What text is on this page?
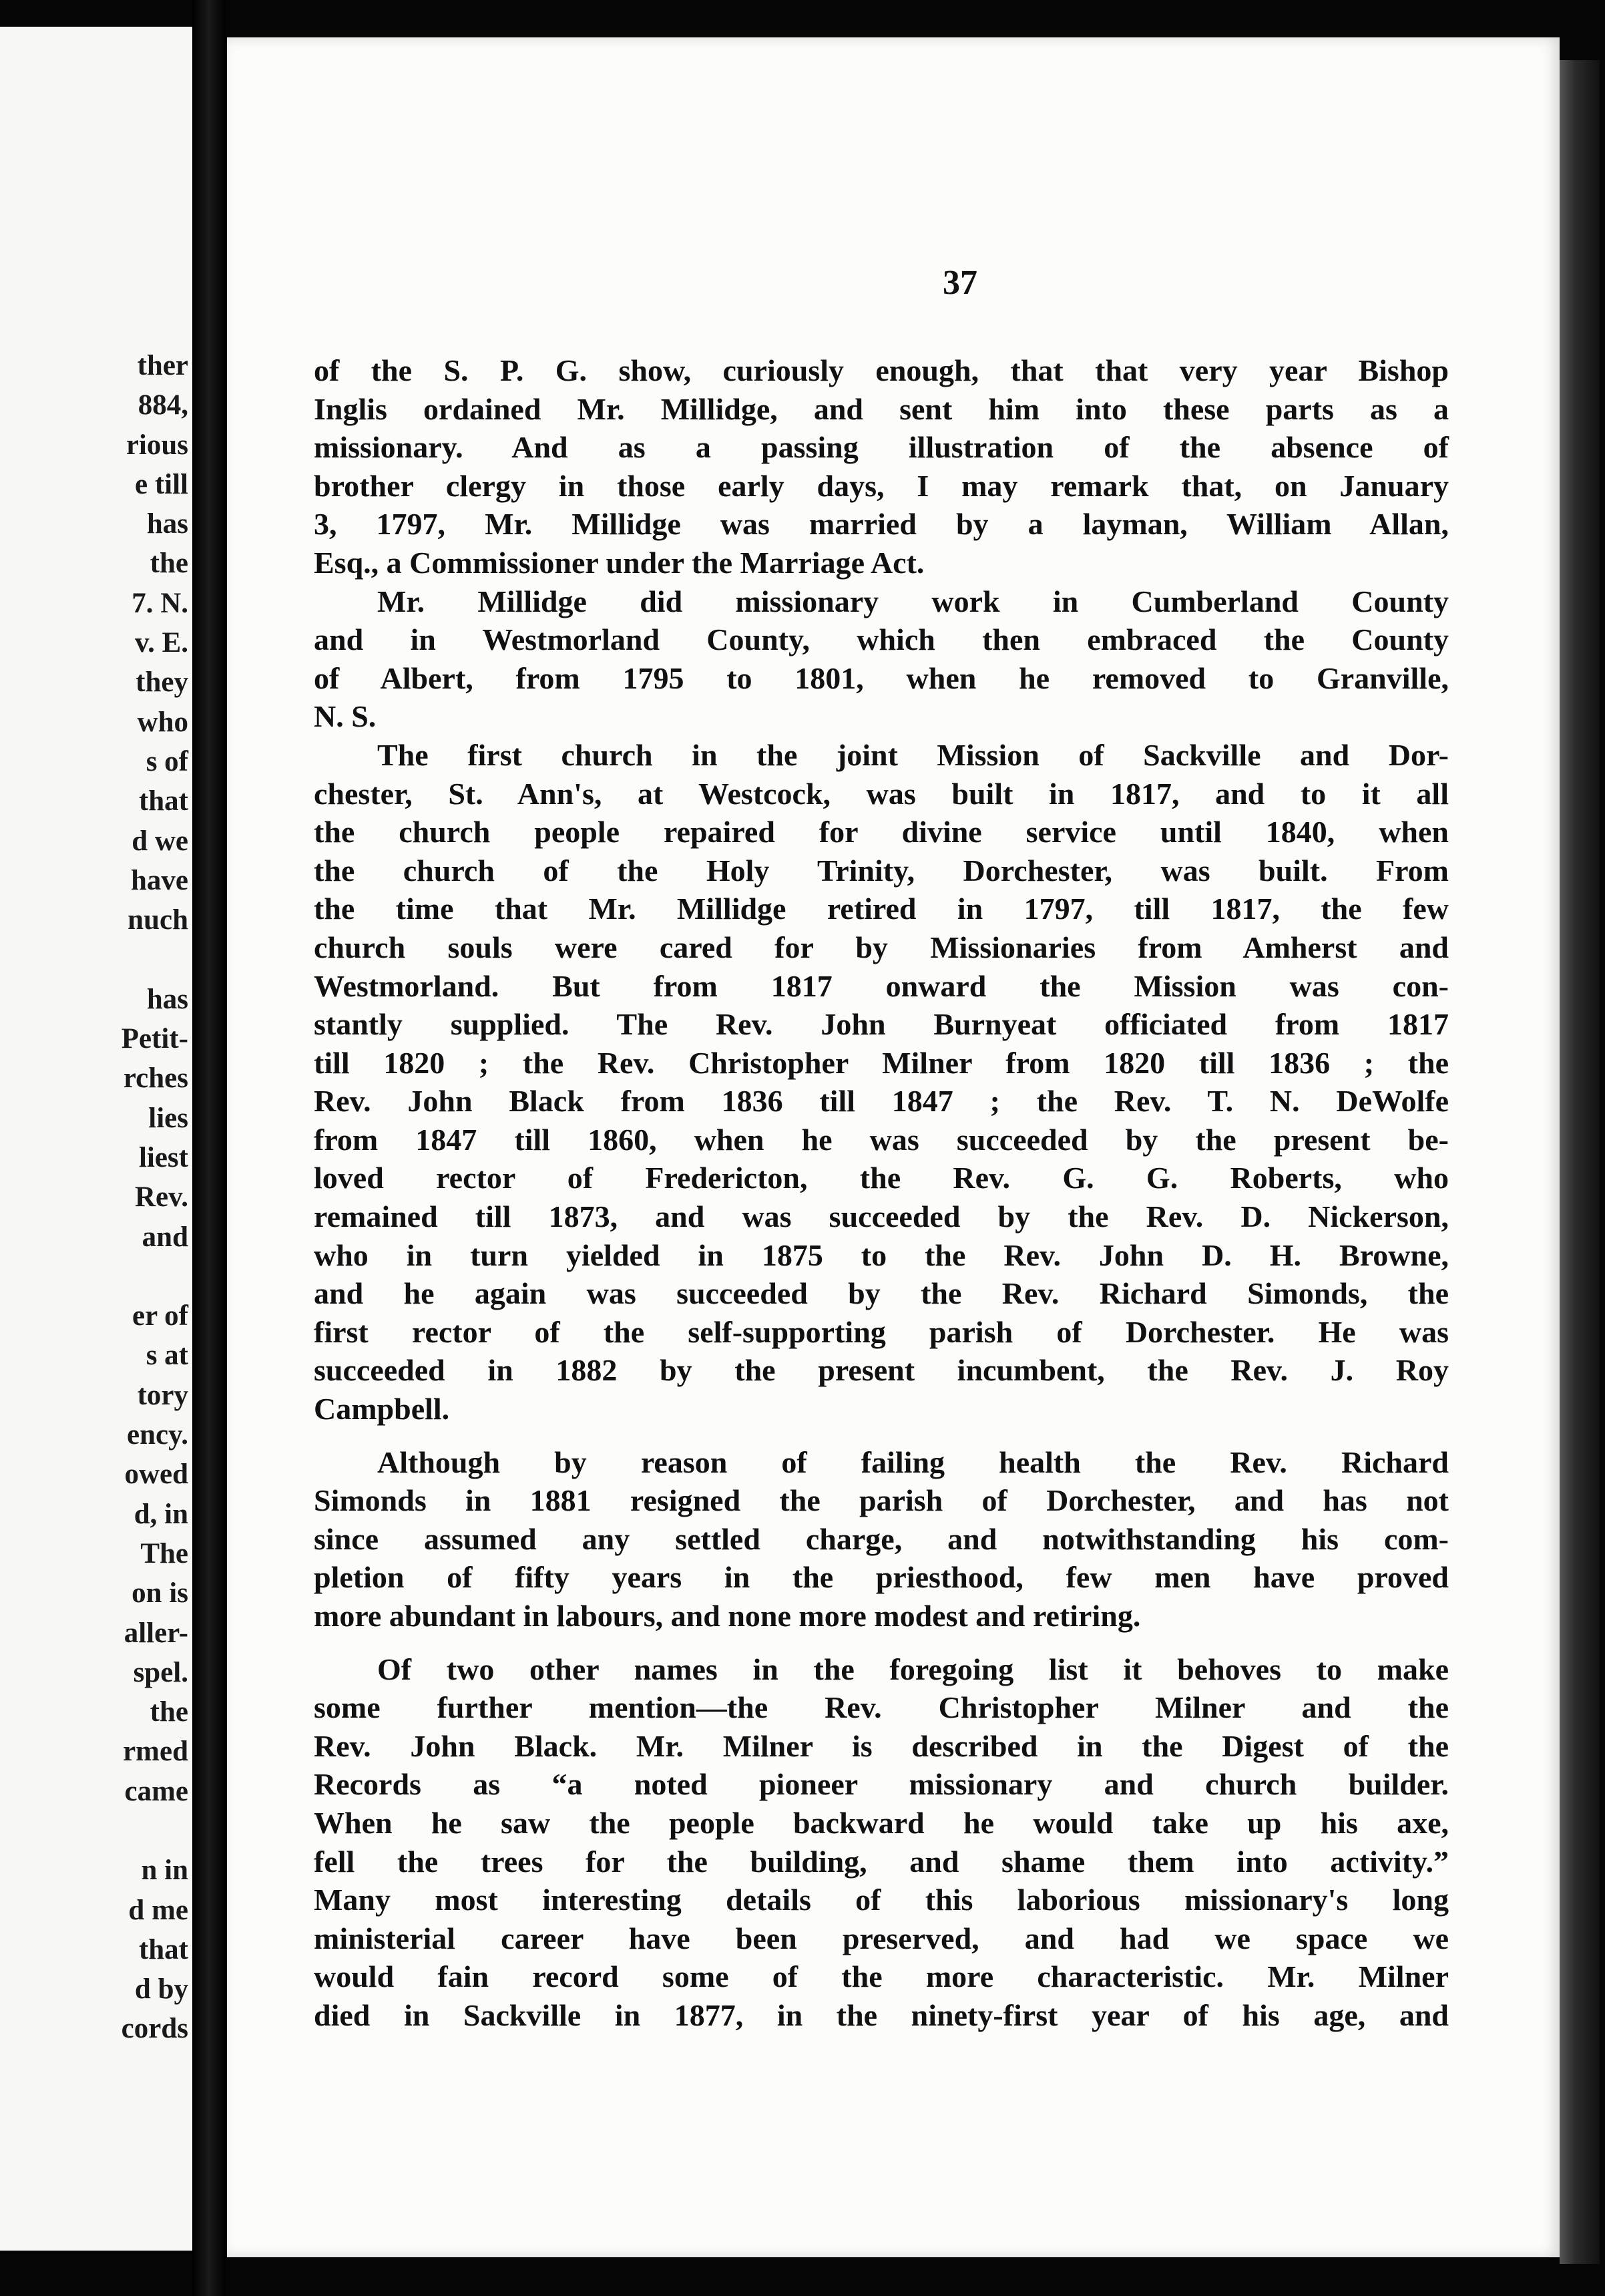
ther
884,
rious
e till
has
the
7. N.
v. E.
they
who
s of
that
d we
have
nuch
has
Petit-
rches
lies
liest
Rev.
and
er of
s at
tory
ency.
owed
d, in
The
on is
aller-
spel.
the
rmed
came
n in
d me
that
d by
cords
37
of the S. P. G. show, curiously enough, that that very year Bishop
Inglis ordained Mr. Millidge, and sent him into these parts as a
missionary. And as a passing illustration of the absence of
brother clergy in those early days, I may remark that, on January
3, 1797, Mr. Millidge was married by a layman, William Allan,
Esq., a Commissioner under the Marriage Act.
Mr. Millidge did missionary work in Cumberland County
and in Westmorland County, which then embraced the County
of Albert, from 1795 to 1801, when he removed to Granville,
N. S.
The first church in the joint Mission of Sackville and Dor-
chester, St. Ann's, at Westcock, was built in 1817, and to it all
the church people repaired for divine service until 1840, when
the church of the Holy Trinity, Dorchester, was built. From
the time that Mr. Millidge retired in 1797, till 1817, the few
church souls were cared for by Missionaries from Amherst and
Westmorland. But from 1817 onward the Mission was con-
stantly supplied. The Rev. John Burnyeat officiated from 1817
till 1820 ; the Rev. Christopher Milner from 1820 till 1836 ; the
Rev. John Black from 1836 till 1847 ; the Rev. T. N. DeWolfe
from 1847 till 1860, when he was succeeded by the present be-
loved rector of Fredericton, the Rev. G. G. Roberts, who
remained till 1873, and was succeeded by the Rev. D. Nickerson,
who in turn yielded in 1875 to the Rev. John D. H. Browne,
and he again was succeeded by the Rev. Richard Simonds, the
first rector of the self-supporting parish of Dorchester. He was
succeeded in 1882 by the present incumbent, the Rev. J. Roy
Campbell.
Although by reason of failing health the Rev. Richard
Simonds in 1881 resigned the parish of Dorchester, and has not
since assumed any settled charge, and notwithstanding his com-
pletion of fifty years in the priesthood, few men have proved
more abundant in labours, and none more modest and retiring.
Of two other names in the foregoing list it behoves to make
some further mention—the Rev. Christopher Milner and the
Rev. John Black. Mr. Milner is described in the Digest of the
Records as “a noted pioneer missionary and church builder.
When he saw the people backward he would take up his axe,
fell the trees for the building, and shame them into activity.”
Many most interesting details of this laborious missionary's long
ministerial career have been preserved, and had we space we
would fain record some of the more characteristic. Mr. Milner
died in Sackville in 1877, in the ninety-first year of his age, and
